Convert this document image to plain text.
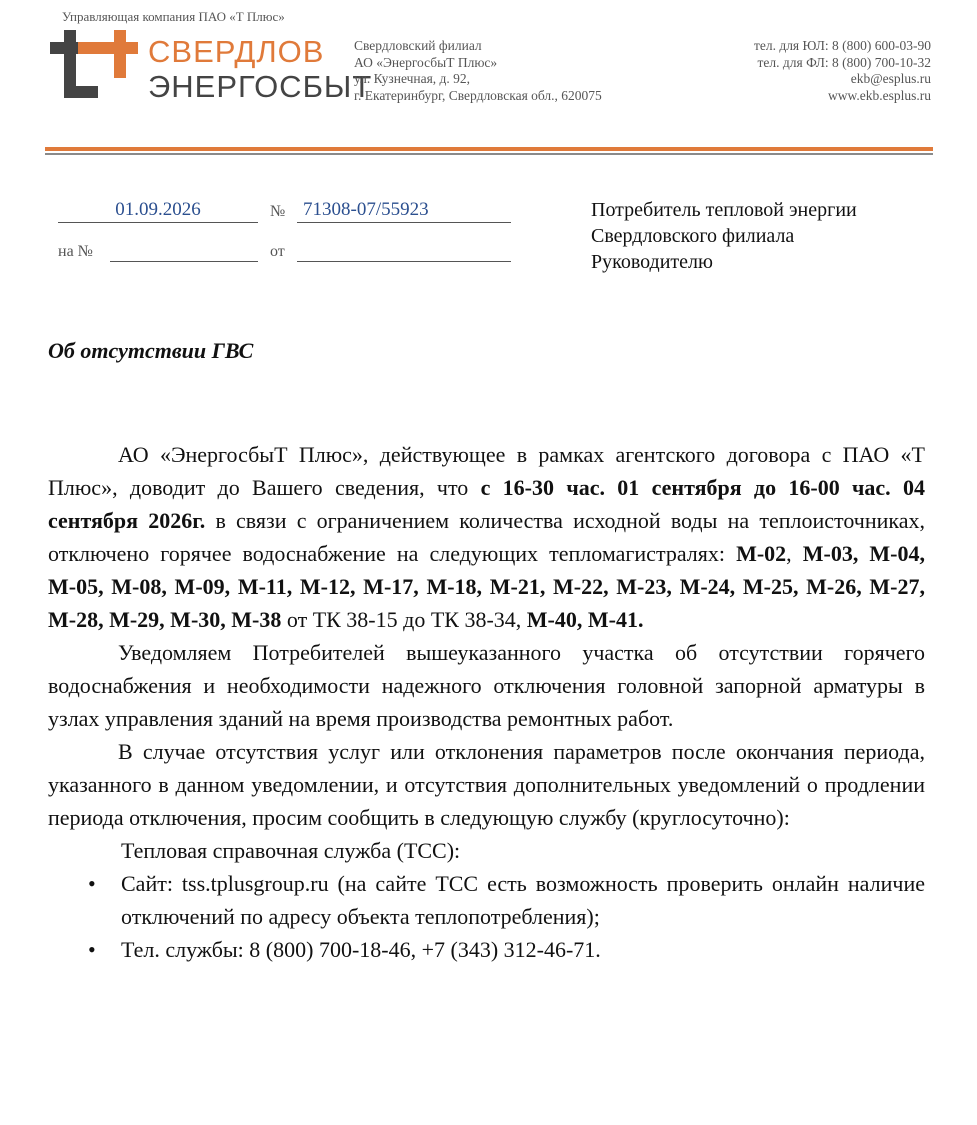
Управляющая компания ПАО «Т Плюс»
СВЕРДЛОВ
ЭНЕРГОСБЫТ
Свердловский филиал
АО «ЭнергосбыТ Плюс»
ул. Кузнечная, д. 92,
г. Екатеринбург, Свердловская обл., 620075
тел. для ЮЛ: 8 (800) 600-03-90
тел. для ФЛ: 8 (800) 700-10-32
ekb@esplus.ru
www.ekb.esplus.ru
01.09.2026	№ 71308-07/55923
на №	от
Потребитель тепловой энергии
Свердловского филиала
Руководителю
Об отсутствии ГВС

АО «ЭнергосбыТ Плюс», действующее в рамках агентского договора с ПАО «Т Плюс», доводит до Вашего сведения, что с 16-30 час. 01 сентября до 16-00 час. 04 сентября 2026г. в связи с ограничением количества исходной воды на теплоисточниках, отключено горячее водоснабжение на следующих тепломагистралях: М-02, М-03, М-04, М-05, М-08, М-09, М-11, М-12, М-17, М-18, М-21, М-22, М-23, М-24, М-25, М-26, М-27, М-28, М-29, М-30, М-38 от ТК 38-15 до ТК 38-34, М-40, М-41.

Уведомляем Потребителей вышеуказанного участка об отсутствии горячего водоснабжения и необходимости надежного отключения головной запорной арматуры в узлах управления зданий на время производства ремонтных работ.

В случае отсутствия услуг или отклонения параметров после окончания периода, указанного в данном уведомлении, и отсутствия дополнительных уведомлений о продлении периода отключения, просим сообщить в следующую службу (круглосуточно):

Тепловая справочная служба (ТСС):
• Сайт: tss.tplusgroup.ru (на сайте ТСС есть возможность проверить онлайн наличие отключений по адресу объекта теплопотребления);
• Тел. службы: 8 (800) 700-18-46, +7 (343) 312-46-71.
